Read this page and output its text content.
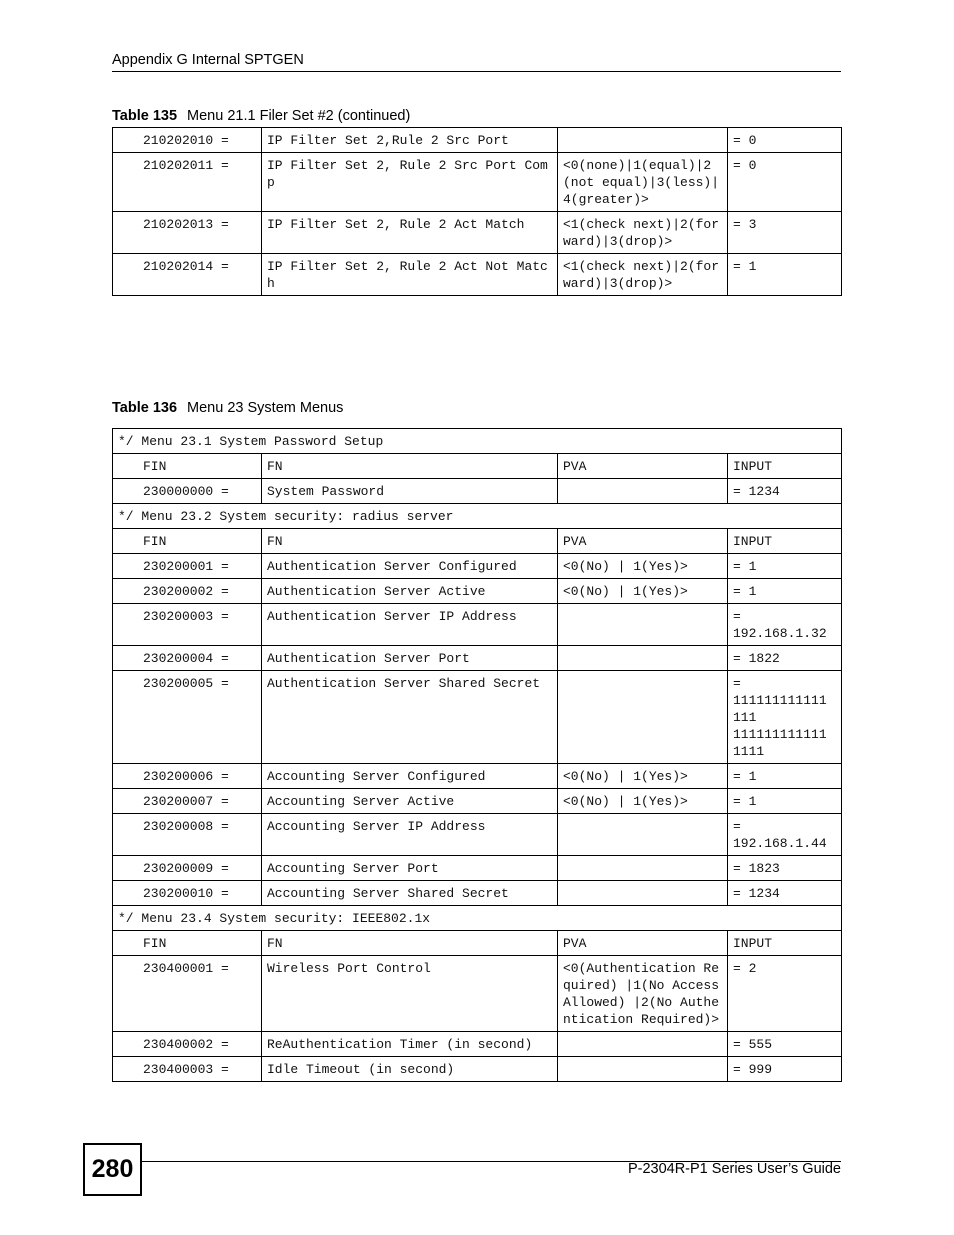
Appendix G Internal SPTGEN
Table 135 Menu 21.1 Filer Set #2 (continued)
210202010 =	IP Filter Set 2,Rule 2 Src Port		= 0
210202011 =	IP Filter Set 2, Rule 2 Src Port Comp	<0(none)|1(equal)|2(not equal)|3(less)|4(greater)>	= 0
210202013 =	IP Filter Set 2, Rule 2 Act Match	<1(check next)|2(forward)|3(drop)>	= 3
210202014 =	IP Filter Set 2, Rule 2 Act Not Match	<1(check next)|2(forward)|3(drop)>	= 1
Table 136 Menu 23 System Menus
*/ Menu 23.1 System Password Setup			
FIN	FN	PVA	INPUT
230000000 =	System Password		= 1234
*/ Menu 23.2 System security: radius server			
FIN	FN	PVA	INPUT
230200001 =	Authentication Server Configured	<0(No) | 1(Yes)>	= 1
230200002 =	Authentication Server Active	<0(No) | 1(Yes)>	= 1
230200003 =	Authentication Server IP Address		=
192.168.1.32
230200004 =	Authentication Server Port		= 1822
230200005 =	Authentication Server Shared Secret		=
111111111111
111
111111111111
1111
230200006 =	Accounting Server Configured	<0(No) | 1(Yes)>	= 1
230200007 =	Accounting Server Active	<0(No) | 1(Yes)>	= 1
230200008 =	Accounting Server IP Address		=
192.168.1.44
230200009 =	Accounting Server Port		= 1823
230200010 =	Accounting Server Shared Secret		= 1234
*/ Menu 23.4 System security: IEEE802.1x			
FIN	FN	PVA	INPUT
230400001 =	Wireless Port Control	<0(Authentication Required) |1(No Access Allowed) |2(No Authentication Required)>	= 2
230400002 =	ReAuthentication Timer (in second)		= 555
230400003 =	Idle Timeout (in second)		= 999
280	P-2304R-P1 Series User’s Guide
